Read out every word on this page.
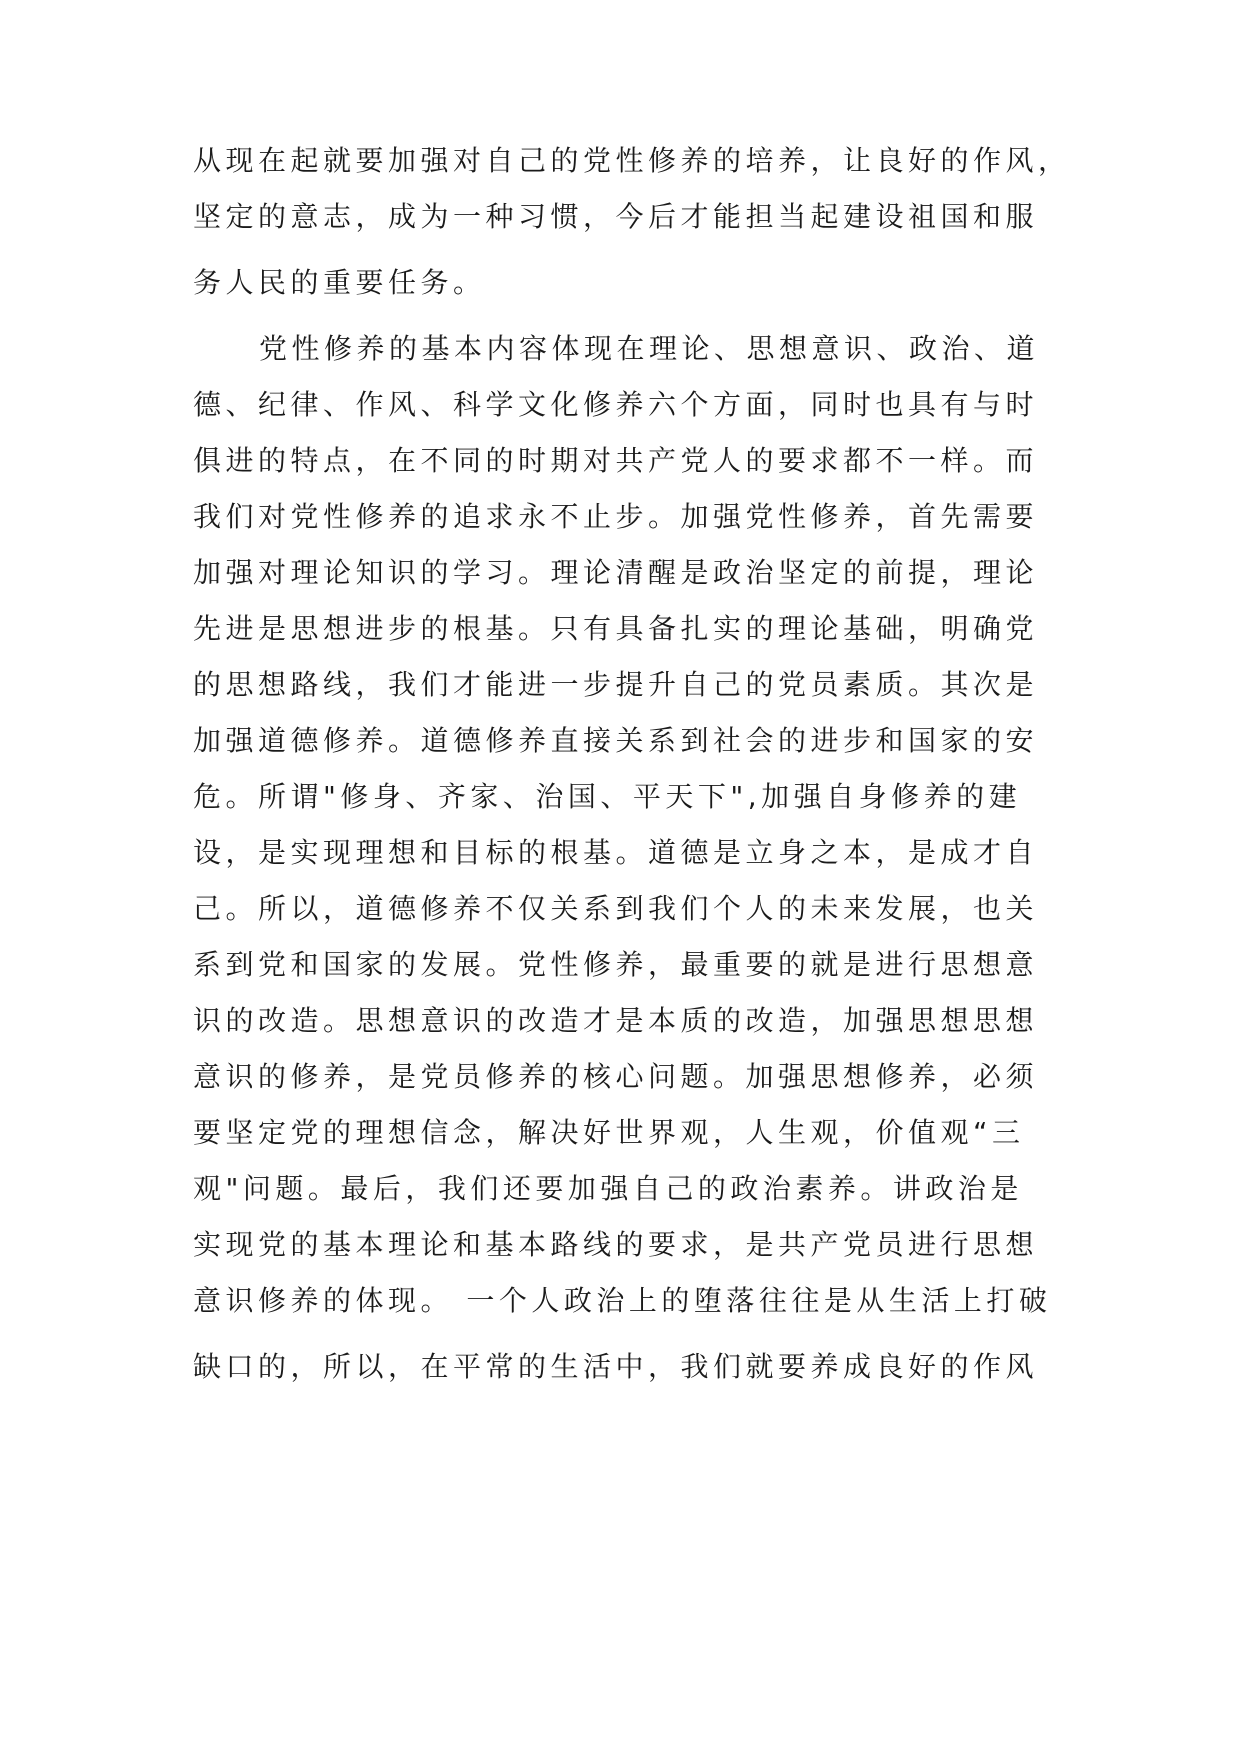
从现在起就要加强对自己的党性修养的培养，让良好的作风，
坚定的意志，成为一种习惯，今后才能担当起建设祖国和服
务人民的重要任务。
党性修养的基本内容体现在理论、思想意识、政治、道
德、纪律、作风、科学文化修养六个方面，同时也具有与时
俱进的特点，在不同的时期对共产党人的要求都不一样。而
我们对党性修养的追求永不止步。加强党性修养，首先需要
加强对理论知识的学习。理论清醒是政治坚定的前提，理论
先进是思想进步的根基。只有具备扎实的理论基础，明确党
的思想路线，我们才能进一步提升自己的党员素质。其次是
加强道德修养。道德修养直接关系到社会的进步和国家的安
危。所谓"修身、齐家、治国、平天下",加强自身修养的建
设，是实现理想和目标的根基。道德是立身之本，是成才自
己。所以，道德修养不仅关系到我们个人的未来发展，也关
系到党和国家的发展。党性修养，最重要的就是进行思想意
识的改造。思想意识的改造才是本质的改造，加强思想思想
意识的修养，是党员修养的核心问题。加强思想修养，必须
要坚定党的理想信念，解决好世界观，人生观，价值观“三
观"问题。最后，我们还要加强自己的政治素养。讲政治是
实现党的基本理论和基本路线的要求，是共产党员进行思想
意识修养的体现。 一个人政治上的堕落往往是从生活上打破
缺口的，所以，在平常的生活中，我们就要养成良好的作风
